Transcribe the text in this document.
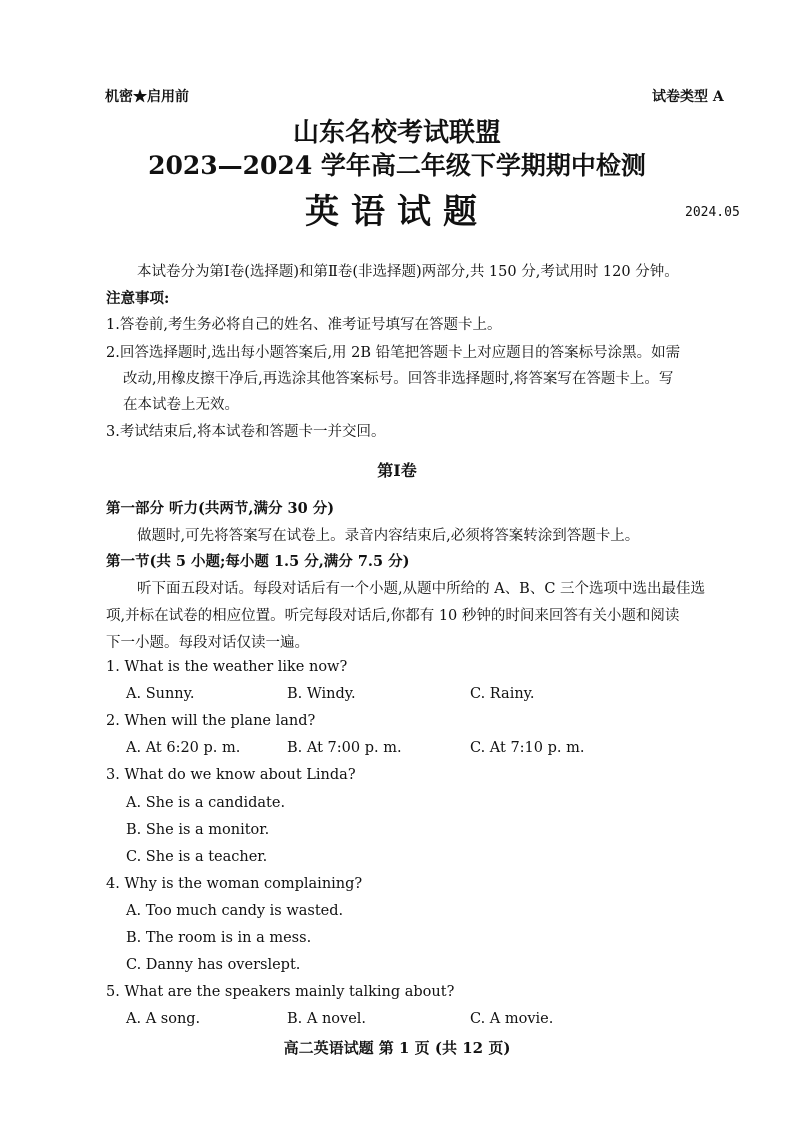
机密★启用前	试卷类型 A
山东名校考试联盟
2023—2024 学年高二年级下学期期中检测
英语试题	2024.05
本试卷分为第Ⅰ卷(选择题)和第Ⅱ卷(非选择题)两部分,共 150 分,考试用时 120 分钟。
注意事项:
1.答卷前,考生务必将自己的姓名、准考证号填写在答题卡上。
2.回答选择题时,选出每小题答案后,用 2B 铅笔把答题卡上对应题目的答案标号涂黑。如需
改动,用橡皮擦干净后,再选涂其他答案标号。回答非选择题时,将答案写在答题卡上。写
在本试卷上无效。
3.考试结束后,将本试卷和答题卡一并交回。
第Ⅰ卷
第一部分 听力(共两节,满分 30 分)
做题时,可先将答案写在试卷上。录音内容结束后,必须将答案转涂到答题卡上。
第一节(共 5 小题;每小题 1.5 分,满分 7.5 分)
听下面五段对话。每段对话后有一个小题,从题中所给的 A、B、C 三个选项中选出最佳选
项,并标在试卷的相应位置。听完每段对话后,你都有 10 秒钟的时间来回答有关小题和阅读
下一小题。每段对话仅读一遍。
1. What is the weather like now?
A. Sunny.	B. Windy.	C. Rainy.
2. When will the plane land?
A. At 6:20 p. m.	B. At 7:00 p. m.	C. At 7:10 p. m.
3. What do we know about Linda?
A. She is a candidate.
B. She is a monitor.
C. She is a teacher.
4. Why is the woman complaining?
A. Too much candy is wasted.
B. The room is in a mess.
C. Danny has overslept.
5. What are the speakers mainly talking about?
A. A song.	B. A novel.	C. A movie.
高二英语试题 第 1 页 (共 12 页)
